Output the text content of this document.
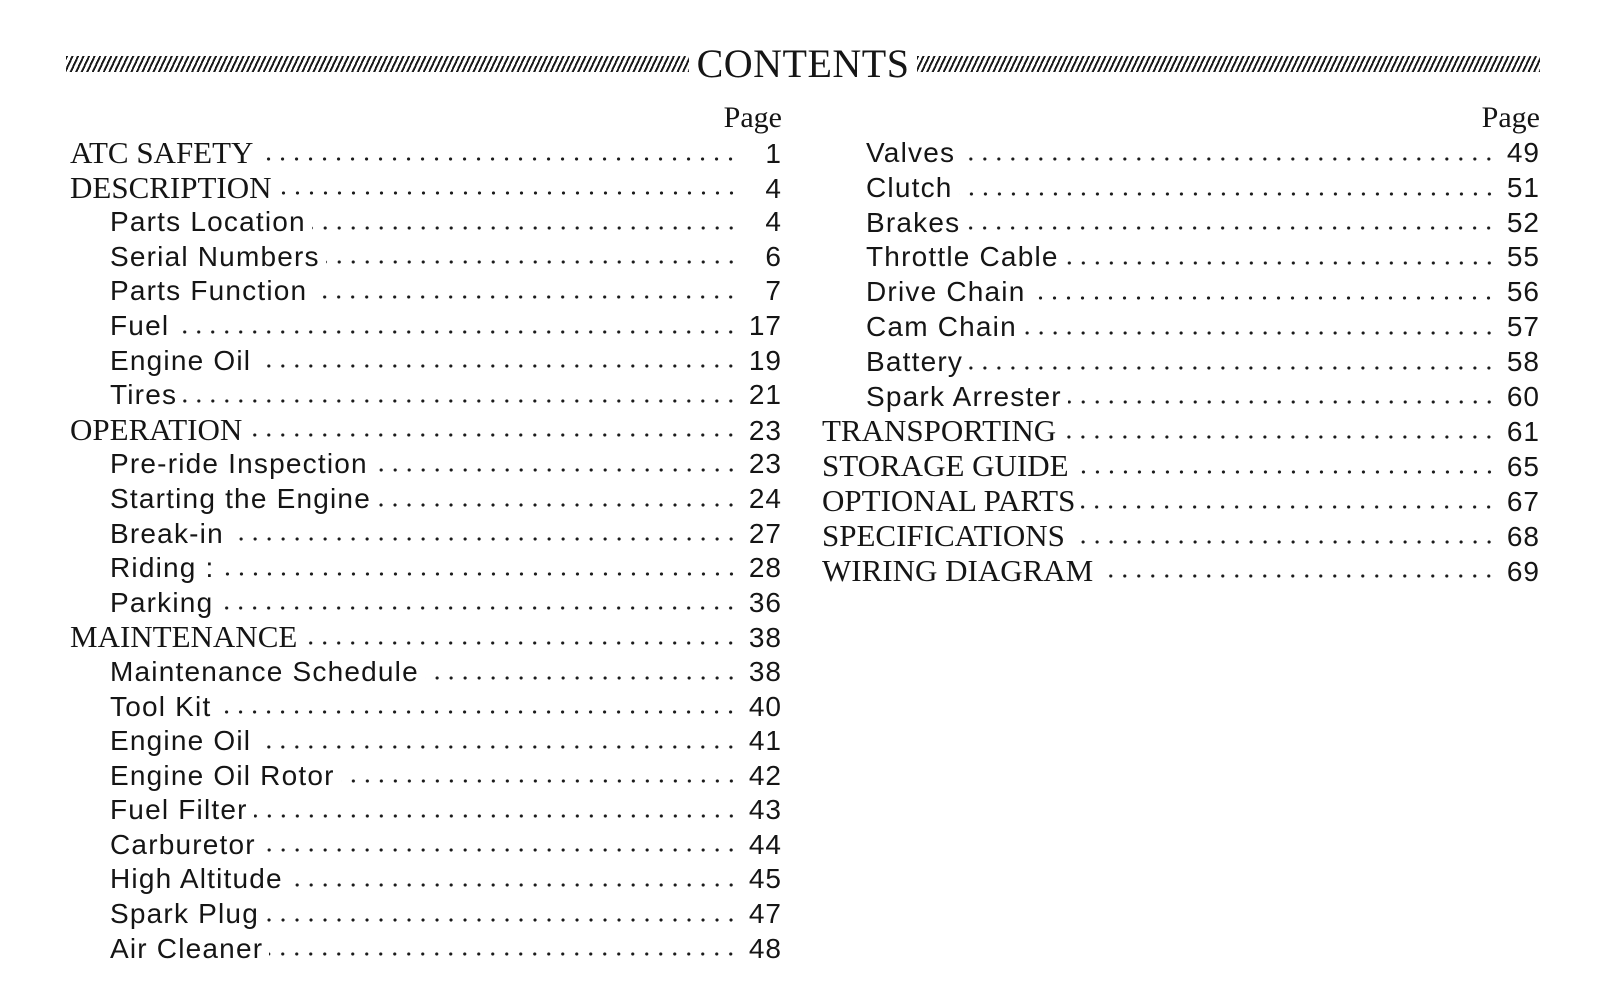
CONTENTS
Page
ATC SAFETY	1
DESCRIPTION	4
Parts Location	4
Serial Numbers	6
Parts Function	7
Fuel	17
Engine Oil	19
Tires	21
OPERATION	23
Pre-ride Inspection	23
Starting the Engine	24
Break-in	27
Riding :	28
Parking	36
MAINTENANCE	38
Maintenance Schedule	38
Tool Kit	40
Engine Oil	41
Engine Oil Rotor	42
Fuel Filter	43
Carburetor	44
High Altitude	45
Spark Plug	47
Air Cleaner	48
Page
Valves	49
Clutch	51
Brakes	52
Throttle Cable	55
Drive Chain	56
Cam Chain	57
Battery	58
Spark Arrester	60
TRANSPORTING	61
STORAGE GUIDE	65
OPTIONAL PARTS	67
SPECIFICATIONS	68
WIRING DIAGRAM	69
